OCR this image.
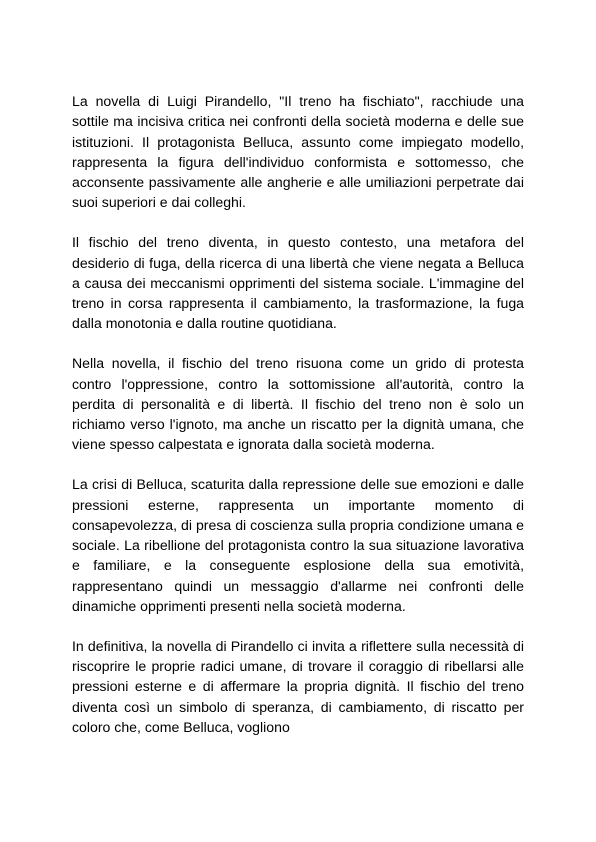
La novella di Luigi Pirandello, "Il treno ha fischiato", racchiude una sottile ma incisiva critica nei confronti della società moderna e delle sue istituzioni. Il protagonista Belluca, assunto come impiegato modello, rappresenta la figura dell'individuo conformista e sottomesso, che acconsente passivamente alle angherie e alle umiliazioni perpetrate dai suoi superiori e dai colleghi.

Il fischio del treno diventa, in questo contesto, una metafora del desiderio di fuga, della ricerca di una libertà che viene negata a Belluca a causa dei meccanismi opprimenti del sistema sociale. L'immagine del treno in corsa rappresenta il cambiamento, la trasformazione, la fuga dalla monotonia e dalla routine quotidiana.

Nella novella, il fischio del treno risuona come un grido di protesta contro l'oppressione, contro la sottomissione all'autorità, contro la perdita di personalità e di libertà. Il fischio del treno non è solo un richiamo verso l'ignoto, ma anche un riscatto per la dignità umana, che viene spesso calpestata e ignorata dalla società moderna.

La crisi di Belluca, scaturita dalla repressione delle sue emozioni e dalle pressioni esterne, rappresenta un importante momento di consapevolezza, di presa di coscienza sulla propria condizione umana e sociale. La ribellione del protagonista contro la sua situazione lavorativa e familiare, e la conseguente esplosione della sua emotività, rappresentano quindi un messaggio d'allarme nei confronti delle dinamiche opprimenti presenti nella società moderna.

In definitiva, la novella di Pirandello ci invita a riflettere sulla necessità di riscoprire le proprie radici umane, di trovare il coraggio di ribellarsi alle pressioni esterne e di affermare la propria dignità. Il fischio del treno diventa così un simbolo di speranza, di cambiamento, di riscatto per coloro che, come Belluca, vogliono
